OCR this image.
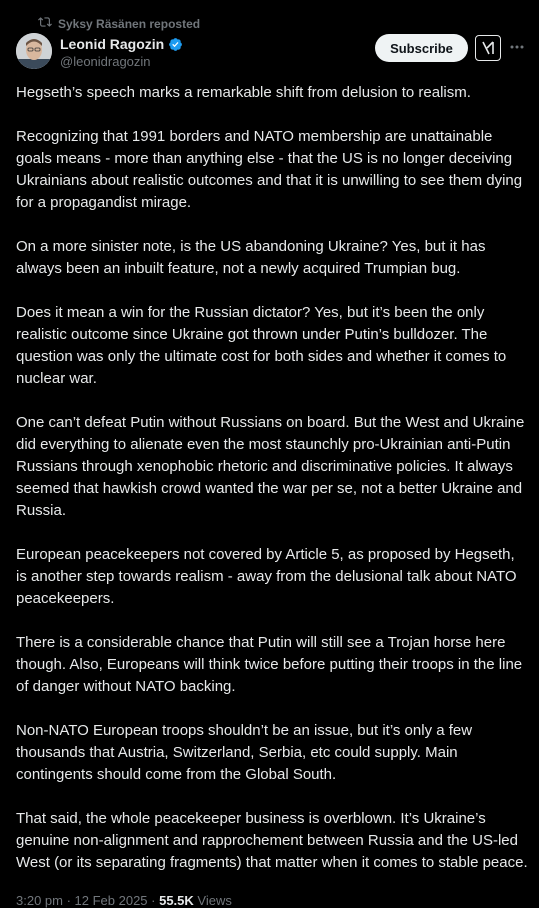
Syksy Räsänen reposted
Leonid Ragozin
@leonidragozin
Subscribe

Hegseth’s speech marks a remarkable shift from delusion to realism.

Recognizing that 1991 borders and NATO membership are unattainable goals means - more than anything else - that the US is no longer deceiving Ukrainians about realistic outcomes and that it is unwilling to see them dying for a propagandist mirage.

On a more sinister note, is the US abandoning Ukraine? Yes, but it has always been an inbuilt feature, not a newly acquired Trumpian bug.

Does it mean a win for the Russian dictator? Yes, but it’s been the only realistic outcome since Ukraine got thrown under Putin’s bulldozer. The question was only the ultimate cost for both sides and whether it comes to nuclear war.

One can’t defeat Putin without Russians on board. But the West and Ukraine did everything to alienate even the most staunchly pro-Ukrainian anti-Putin Russians through xenophobic rhetoric and discriminative policies. It always seemed that hawkish crowd wanted the war per se, not a better Ukraine and Russia.

European peacekeepers not covered by Article 5, as proposed by Hegseth, is another step towards realism - away from the delusional talk about NATO peacekeepers.

There is a considerable chance that Putin will still see a Trojan horse here though. Also, Europeans will think twice before putting their troops in the line of danger without NATO backing.

Non-NATO European troops shouldn’t be an issue, but it’s only a few thousands that Austria, Switzerland, Serbia, etc could supply. Main contingents should come from the Global South.

That said, the whole peacekeeper business is overblown. It’s Ukraine’s genuine non-alignment and rapprochement between Russia and the US-led West (or its separating fragments) that matter when it comes to stable peace.

3:20 pm · 12 Feb 2025 · 55.5K Views
